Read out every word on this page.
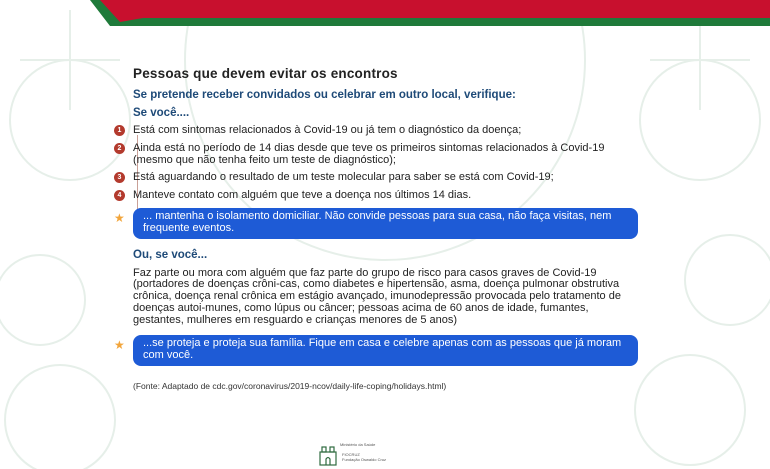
Pessoas que devem evitar os encontros
Se pretende receber convidados ou celebrar em outro local, verifique:
Se você....
1	Está com sintomas relacionados à Covid-19 ou já tem o diagnóstico da doença;
2	Ainda está no período de 14 dias desde que teve os primeiros sintomas relacionados à Covid-19 (mesmo que não tenha feito um teste de diagnóstico);
3	Está aguardando o resultado de um teste molecular para saber se está com Covid-19;
4	Manteve contato com alguém que teve a doença nos últimos 14 dias.
★ ... mantenha o isolamento domiciliar. Não convide pessoas para sua casa, não faça visitas, nem frequente eventos.
Ou, se você...
Faz parte ou mora com alguém que faz parte do grupo de risco para casos graves de Covid-19 (portadores de doenças crôni-cas, como diabetes e hipertensão, asma, doença pulmonar obstrutiva crônica, doença renal crônica em estágio avançado, imunodepressão provocada pelo tratamento de doenças autoi-munes, como lúpus ou câncer; pessoas acima de 60 anos de idade, fumantes, gestantes, mulheres em resguardo e crianças menores de 5 anos)
★ ...se proteja e proteja sua família. Fique em casa e celebre apenas com as pessoas que já moram com você.
(Fonte: Adaptado de cdc.gov/coronavirus/2019-ncov/daily-life-coping/holidays.html)
Ministério da Saúde
FIOCRUZ
Fundação Oswaldo Cruz
